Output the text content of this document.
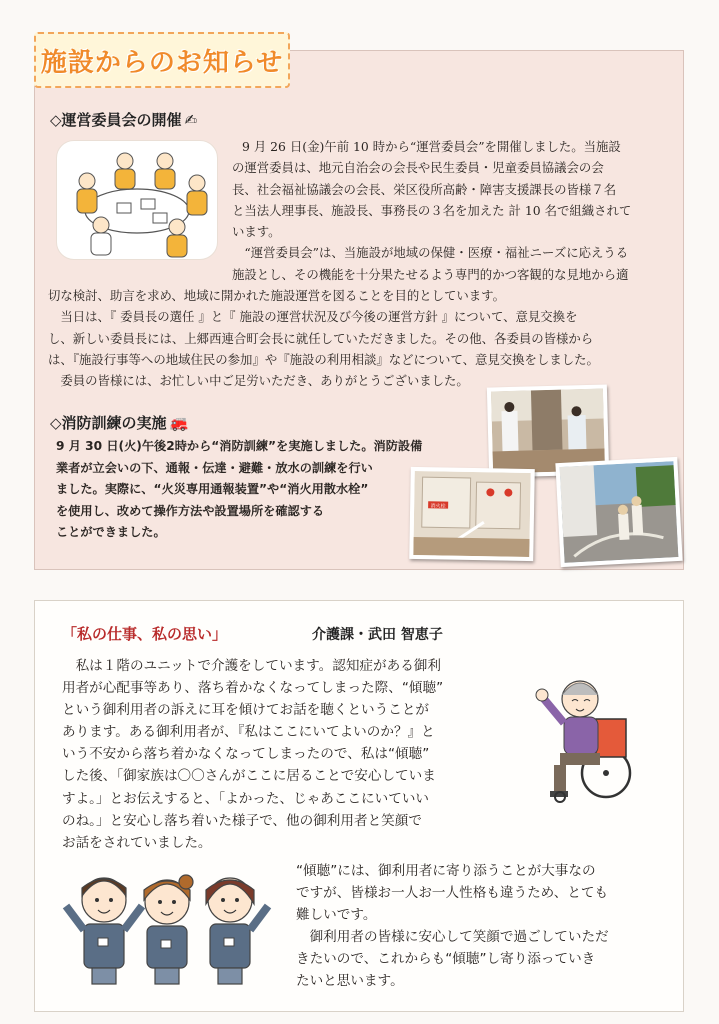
施設からのお知らせ
◇運営委員会の開催 ✍
9 月 26 日(金)午前 10 時から“運営委員会”を開催しました。当施設
の運営委員は、地元自治会の会長や民生委員・児童委員協議会の会
長、社会福祉協議会の会長、栄区役所高齢・障害支援課長の皆様７名
と当法人理事長、施設長、事務長の３名を加えた 計 10 名で組織されて
います。
　“運営委員会”は、当施設が地域の保健・医療・福祉ニーズに応えうる
施設とし、その機能を十分果たせるよう専門的かつ客観的な見地から適
切な検討、助言を求め、地域に開かれた施設運営を図ることを目的としています。
　当日は、『 委員長の選任 』と『 施設の運営状況及び今後の運営方針 』について、意見交換を
し、新しい委員長には、上郷西連合町会長に就任していただきました。その他、各委員の皆様から
は、『施設行事等への地域住民の参加』や『施設の利用相談』などについて、意見交換をしました。
　委員の皆様には、お忙しい中ご足労いただき、ありがとうございました。
◇消防訓練の実施 🚒
9 月 30 日(火)午後2時から“消防訓練”を実施しました。消防設備
業者が立会いの下、通報・伝達・避難・放水の訓練を行い
ました。実際に、“火災専用通報装置”や“消火用散水栓”
を使用し、改めて操作方法や設置場所を確認する
ことができました。
消火栓
「私の仕事、私の思い」	介護課・武田 智恵子
　私は１階のユニットで介護をしています。認知症がある御利
用者が心配事等あり、落ち着かなくなってしまった際、“傾聴”
という御利用者の訴えに耳を傾けてお話を聴くということが
あります。ある御利用者が、『私はここにいてよいのか？』と
いう不安から落ち着かなくなってしまったので、私は“傾聴”
した後、「御家族は〇〇さんがここに居ることで安心していま
すよ。」とお伝えすると、「よかった、じゃあここにいていい
のね。」と安心し落ち着いた様子で、他の御利用者と笑顔で
お話をされていました。
“傾聴”には、御利用者に寄り添うことが大事なの
ですが、皆様お一人お一人性格も違うため、とても
難しいです。
　御利用者の皆様に安心して笑顔で過ごしていただ
きたいので、これからも“傾聴”し寄り添っていき
たいと思います。
